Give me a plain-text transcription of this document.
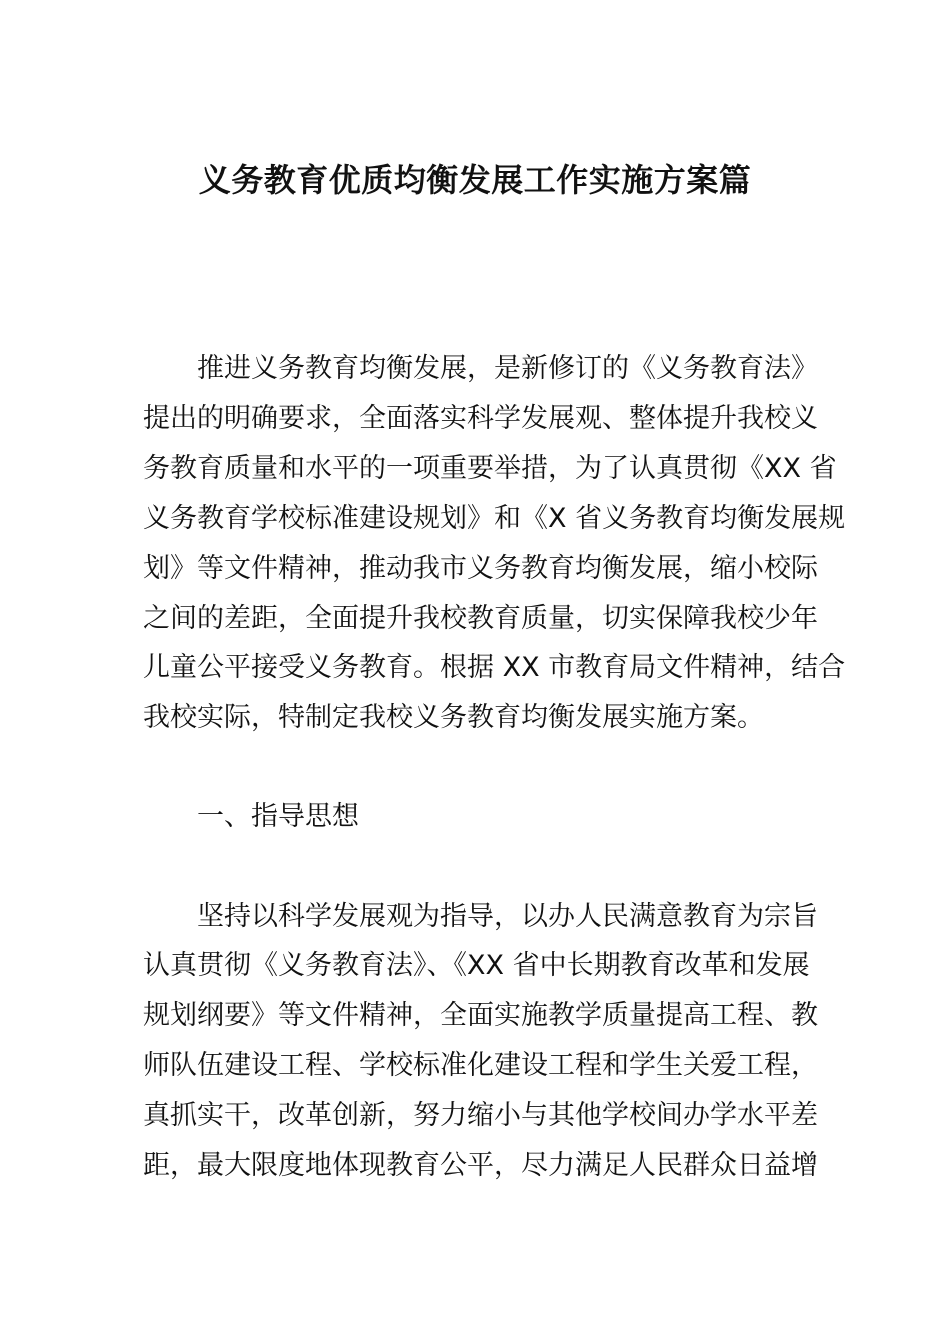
义务教育优质均衡发展工作实施方案篇
推进义务教育均衡发展，是新修订的《义务教育法》
提出的明确要求，全面落实科学发展观、整体提升我校义
务教育质量和水平的一项重要举措，为了认真贯彻《XX 省
义务教育学校标准建设规划》和《X 省义务教育均衡发展规
划》等文件精神，推动我市义务教育均衡发展，缩小校际
之间的差距，全面提升我校教育质量，切实保障我校少年
儿童公平接受义务教育。根据 XX 市教育局文件精神，结合
我校实际，特制定我校义务教育均衡发展实施方案。
一、指导思想
坚持以科学发展观为指导，以办人民满意教育为宗旨
认真贯彻《义务教育法》、《XX 省中长期教育改革和发展
规划纲要》等文件精神，全面实施教学质量提高工程、教
师队伍建设工程、学校标准化建设工程和学生关爱工程，
真抓实干，改革创新，努力缩小与其他学校间办学水平差
距，最大限度地体现教育公平，尽力满足人民群众日益增
